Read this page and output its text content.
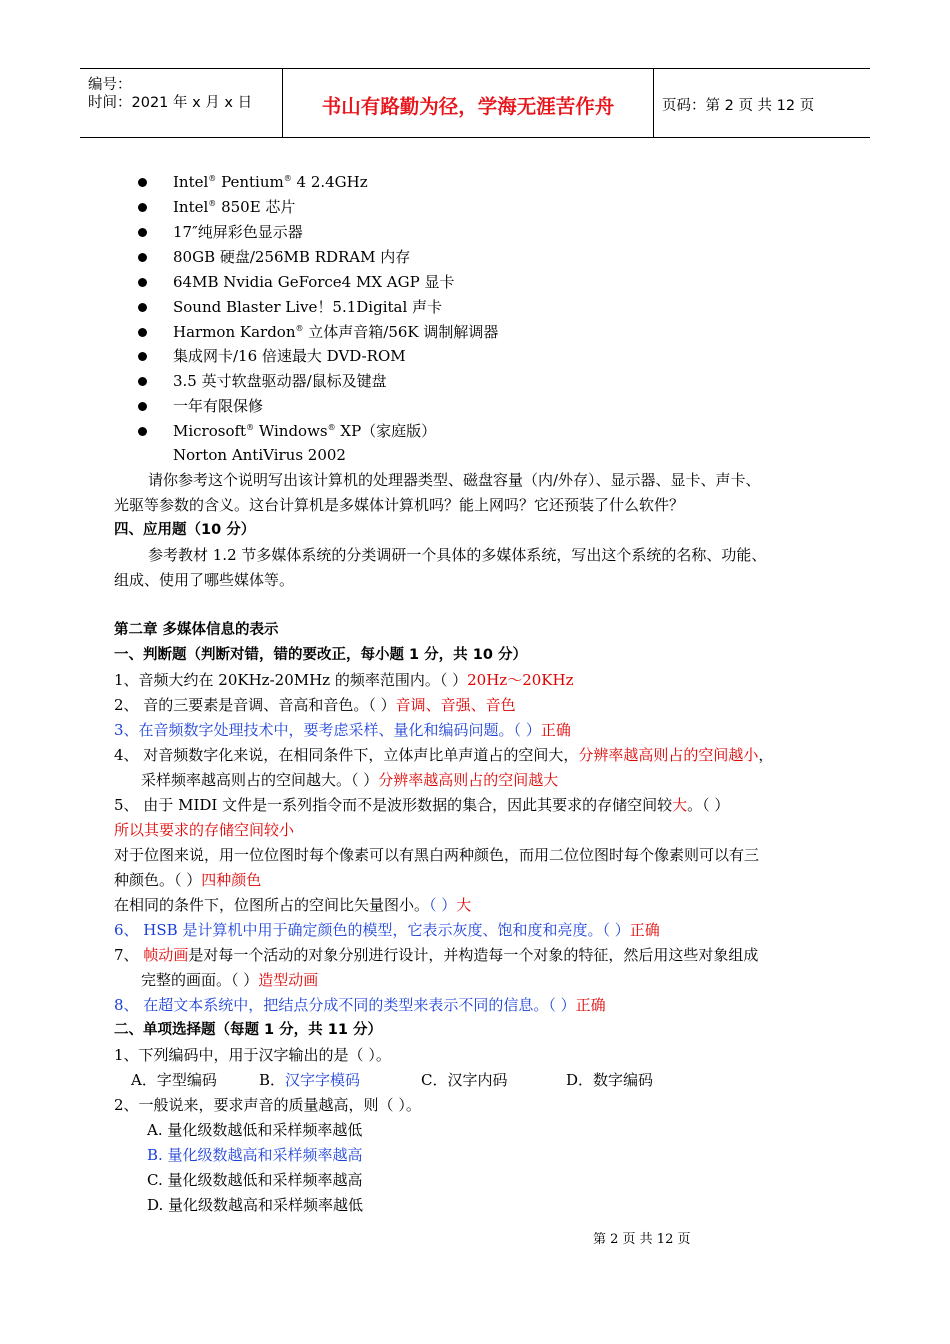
编号：
时间：2021 年 x 月 x 日	书山有路勤为径，学海无涯苦作舟	页码：第 2 页 共 12 页
Intel® Pentium® 4 2.4GHz
Intel® 850E 芯片
17″纯屏彩色显示器
80GB 硬盘/256MB RDRAM 内存
64MB Nvidia GeForce4 MX AGP 显卡
Sound Blaster Live！5.1Digital 声卡
Harmon Kardon® 立体声音箱/56K 调制解调器
集成网卡/16 倍速最大 DVD-ROM
3.5 英寸软盘驱动器/鼠标及键盘
一年有限保修
Microsoft® Windows® XP（家庭版）
Norton AntiVirus 2002
请你参考这个说明写出该计算机的处理器类型、磁盘容量（内/外存）、显示器、显卡、声卡、
光驱等参数的含义。这台计算机是多媒体计算机吗？能上网吗？它还预装了什么软件？
四、应用题（10 分）
参考教材 1.2 节多媒体系统的分类调研一个具体的多媒体系统，写出这个系统的名称、功能、
组成、使用了哪些媒体等。
第二章 多媒体信息的表示
一、判断题（判断对错，错的要改正，每小题 1 分，共 10 分）
1、音频大约在 20KHz-20MHz 的频率范围内。（ ）20Hz～20KHz
2、 音的三要素是音调、音高和音色。（ ）音调、音强、音色
3、在音频数字处理技术中，要考虑采样、量化和编码问题。（ ）正确
4、 对音频数字化来说，在相同条件下，立体声比单声道占的空间大，分辨率越高则占的空间越小，
采样频率越高则占的空间越大。（ ）分辨率越高则占的空间越大
5、 由于 MIDI 文件是一系列指令而不是波形数据的集合，因此其要求的存储空间较大。（ ）
所以其要求的存储空间较小
对于位图来说，用一位位图时每个像素可以有黑白两种颜色，而用二位位图时每个像素则可以有三
种颜色。（ ）四种颜色
在相同的条件下，位图所占的空间比矢量图小。（ ）大
6、 HSB 是计算机中用于确定颜色的模型，它表示灰度、饱和度和亮度。（ ）正确
7、 帧动画是对每一个活动的对象分别进行设计，并构造每一个对象的特征，然后用这些对象组成
完整的画面。（ ）造型动画
8、 在超文本系统中，把结点分成不同的类型来表示不同的信息。（ ）正确
二、单项选择题（每题 1 分，共 11 分）
1、下列编码中，用于汉字输出的是（ ）。
A．字型编码	B．汉字字模码	C．汉字内码	D．数字编码
2、一般说来，要求声音的质量越高，则（ ）。
A. 量化级数越低和采样频率越低
B. 量化级数越高和采样频率越高
C. 量化级数越低和采样频率越高
D. 量化级数越高和采样频率越低
第 2 页 共 12 页
